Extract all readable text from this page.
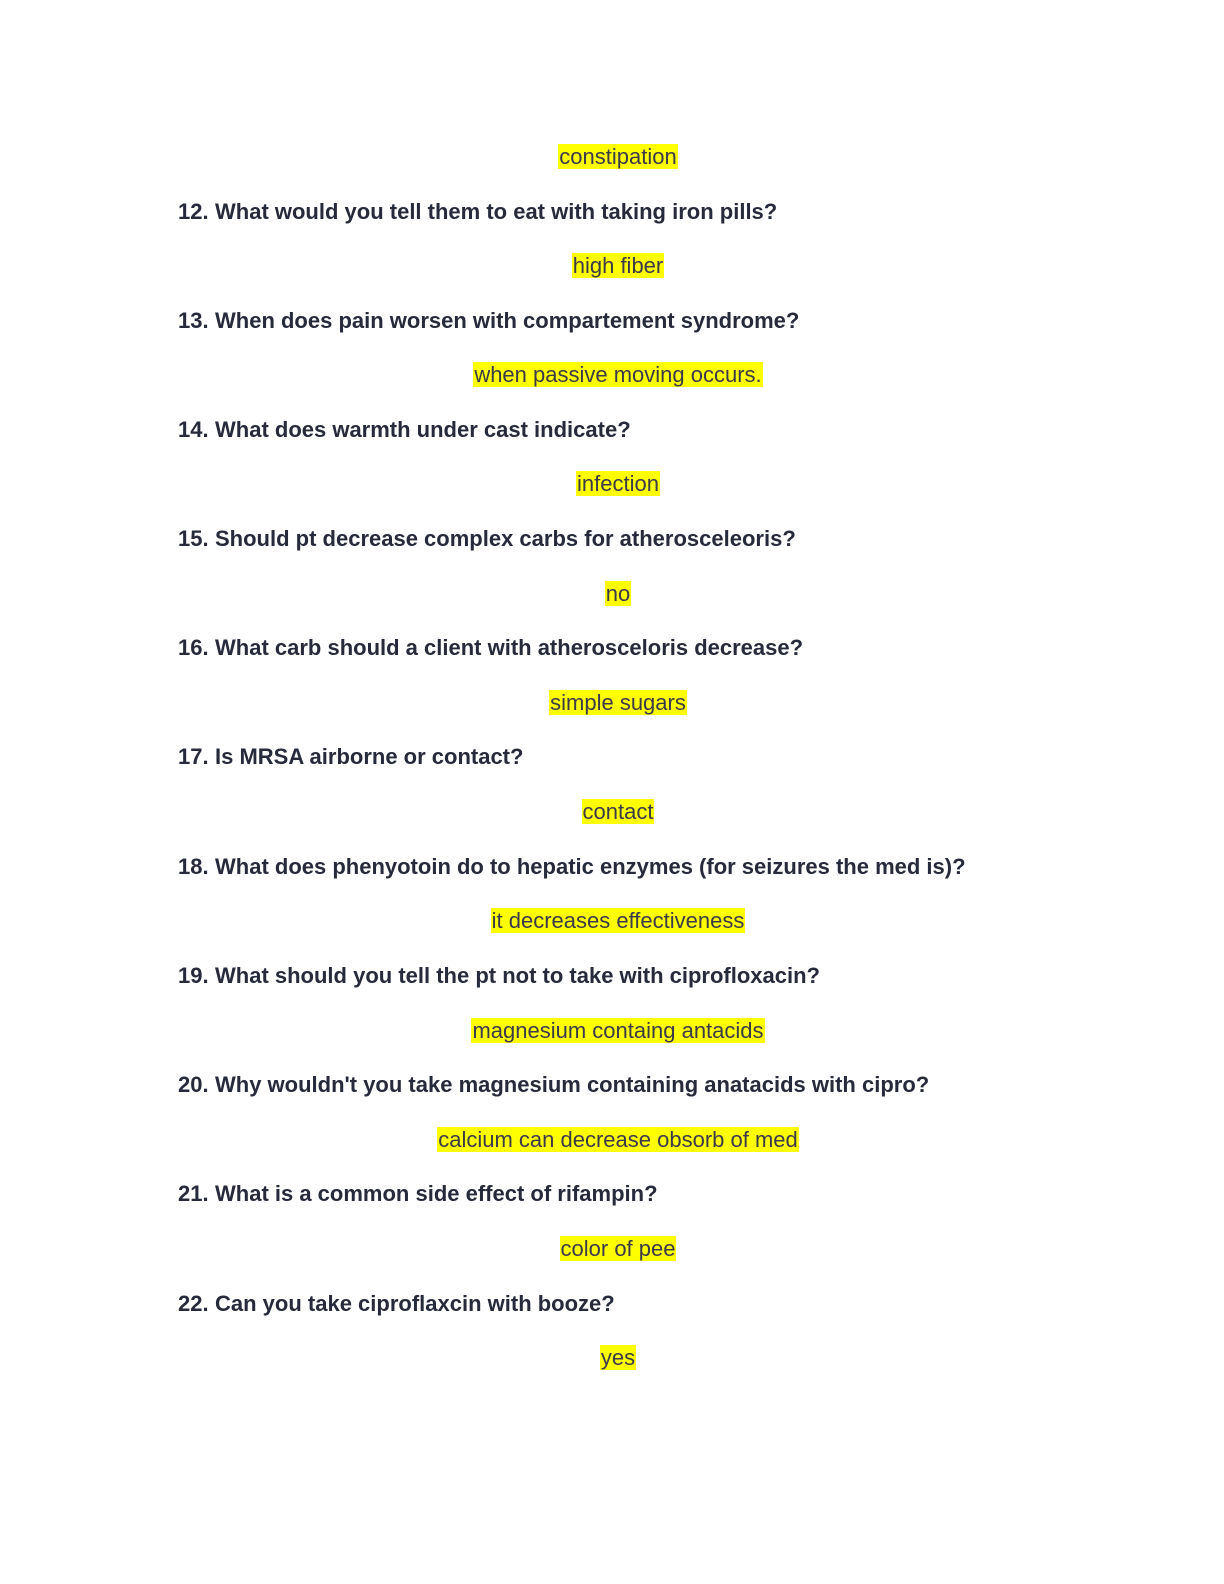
constipation
12. What would you tell them to eat with taking iron pills?
high fiber
13. When does pain worsen with compartement syndrome?
when passive moving occurs.
14. What does warmth under cast indicate?
infection
15. Should pt decrease complex carbs for atherosceleoris?
no
16. What carb should a client with atherosceloris decrease?
simple sugars
17. Is MRSA airborne or contact?
contact
18. What does phenyotoin do to hepatic enzymes (for seizures the med is)?
it decreases effectiveness
19. What should you tell the pt not to take with ciprofloxacin?
magnesium containg antacids
20. Why wouldn't you take magnesium containing anatacids with cipro?
calcium can decrease obsorb of med
21. What is a common side effect of rifampin?
color of pee
22. Can you take ciproflaxcin with booze?
yes
